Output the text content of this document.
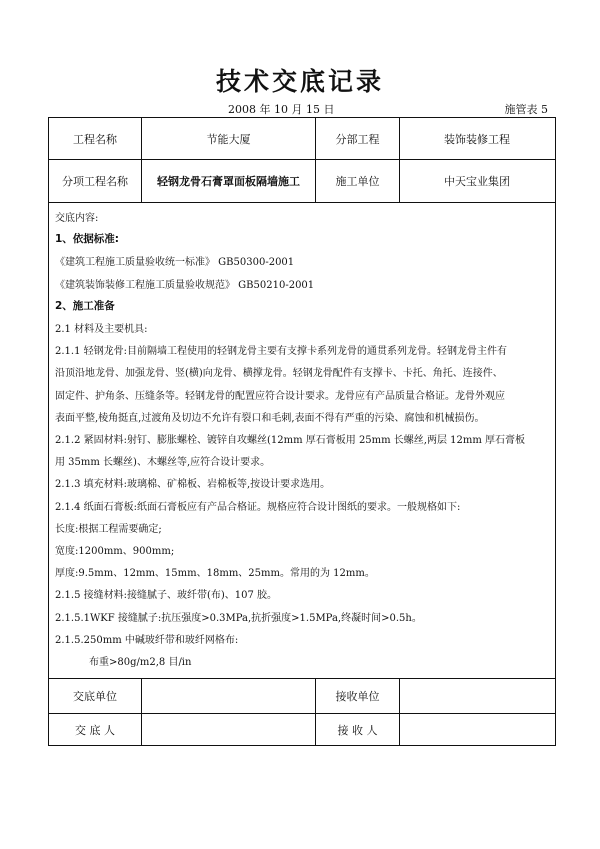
技术交底记录
2008 年 10 月 15 日	施管表 5
工程名称	节能大厦	分部工程	装饰装修工程
分项工程名称	轻钢龙骨石膏罩面板隔墙施工	施工单位	中天宝业集团
交底内容:
1、依据标准:
《建筑工程施工质量验收统一标准》 GB50300-2001
《建筑装饰装修工程施工质量验收规范》 GB50210-2001
2、施工准备
2.1 材料及主要机具:
2.1.1 轻钢龙骨:目前隔墙工程使用的轻钢龙骨主要有支撑卡系列龙骨的通贯系列龙骨。轻钢龙骨主件有
沿顶沿地龙骨、加强龙骨、竖(横)向龙骨、横撑龙骨。轻钢龙骨配件有支撑卡、卡托、角托、连接件、
固定件、护角条、压缝条等。轻钢龙骨的配置应符合设计要求。龙骨应有产品质量合格证。龙骨外观应
表面平整,棱角挺直,过渡角及切边不允许有裂口和毛刺,表面不得有严重的污染、腐蚀和机械损伤。
2.1.2 紧固材料:射钉、膨胀螺栓、镀锌自攻螺丝(12mm 厚石膏板用 25mm 长螺丝,两层 12mm 厚石膏板
用 35mm 长螺丝)、木螺丝等,应符合设计要求。
2.1.3 填充材料:玻璃棉、矿棉板、岩棉板等,按设计要求选用。
2.1.4 纸面石膏板:纸面石膏板应有产品合格证。规格应符合设计图纸的要求。一般规格如下:
长度:根据工程需要确定;
宽度:1200mm、900mm;
厚度:9.5mm、12mm、15mm、18mm、25mm。常用的为 12mm。
2.1.5 接缝材料:接缝腻子、玻纤带(布)、107 胶。
2.1.5.1WKF 接缝腻子:抗压强度>0.3MPa,抗折强度>1.5MPa,终凝时间>0.5h。
2.1.5.250mm 中碱玻纤带和玻纤网格布:
布重>80g/m2,8 目/in
交底单位	接收单位
交 底 人	接 收 人
